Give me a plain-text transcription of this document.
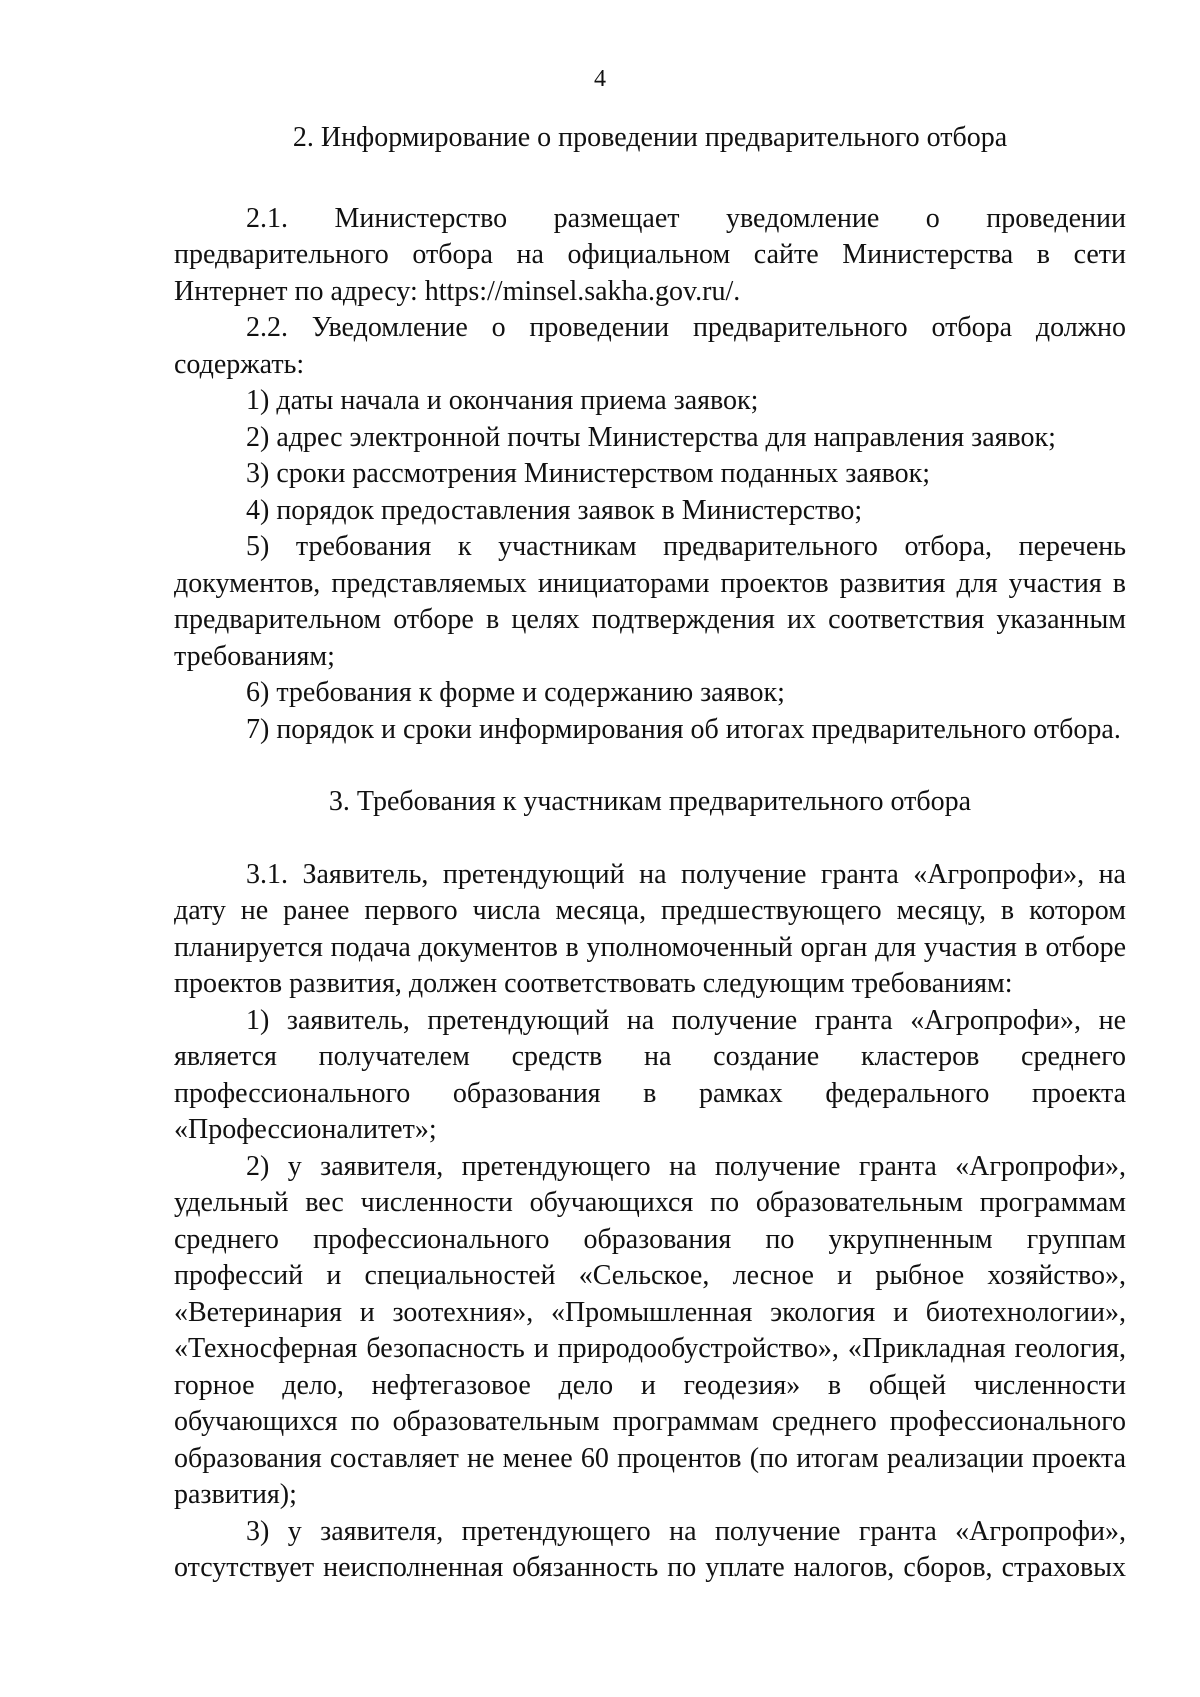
4
2. Информирование о проведении предварительного отбора

2.1. Министерство размещает уведомление о проведении предварительного отбора на официальном сайте Министерства в сети Интернет по адресу: https://minsel.sakha.gov.ru/.

2.2. Уведомление о проведении предварительного отбора должно содержать:

1) даты начала и окончания приема заявок;

2) адрес электронной почты Министерства для направления заявок;

3) сроки рассмотрения Министерством поданных заявок;

4) порядок предоставления заявок в Министерство;

5) требования к участникам предварительного отбора, перечень документов, представляемых инициаторами проектов развития для участия в предварительном отборе в целях подтверждения их соответствия указанным требованиям;

6) требования к форме и содержанию заявок;

7) порядок и сроки информирования об итогах предварительного отбора.

3. Требования к участникам предварительного отбора

3.1. Заявитель, претендующий на получение гранта «Агропрофи», на дату не ранее первого числа месяца, предшествующего месяцу, в котором планируется подача документов в уполномоченный орган для участия в отборе проектов развития, должен соответствовать следующим требованиям:

1) заявитель, претендующий на получение гранта «Агропрофи», не является получателем средств на создание кластеров среднего профессионального образования в рамках федерального проекта «Профессионалитет»;

2) у заявителя, претендующего на получение гранта «Агропрофи», удельный вес численности обучающихся по образовательным программам среднего профессионального образования по укрупненным группам профессий и специальностей «Сельское, лесное и рыбное хозяйство», «Ветеринария и зоотехния», «Промышленная экология и биотехнологии», «Техносферная безопасность и природообустройство», «Прикладная геология, горное дело, нефтегазовое дело и геодезия» в общей численности обучающихся по образовательным программам среднего профессионального образования составляет не менее 60 процентов (по итогам реализации проекта развития);

3) у заявителя, претендующего на получение гранта «Агропрофи», отсутствует неисполненная обязанность по уплате налогов, сборов, страховых
